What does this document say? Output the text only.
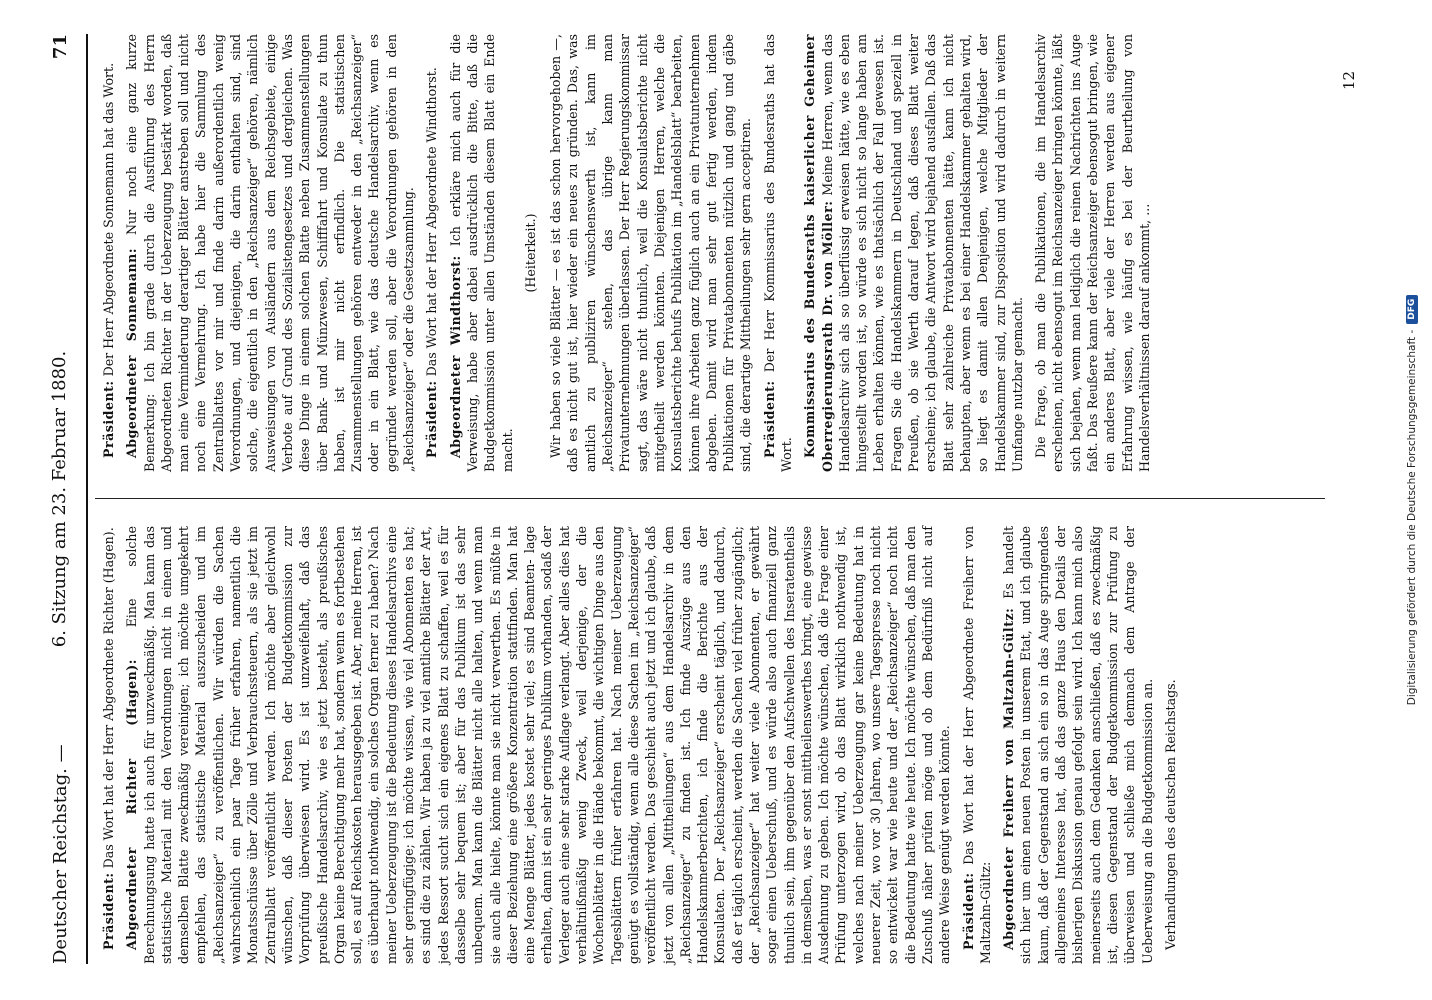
Deutscher Reichstag. —
6. Sitzung am 23. Februar 1880.
71

Präsident: Das Wort hat der Herr Abgeordnete Richter (Hagen). Abgeordneter Richter (Hagen): Eine solche Berechnungsung hatte ich auch für unzweckmäßig. Man kann das statistische Material mit den Verordnungen nicht in einem und demselben Blatte zweckmäßig vereinigen; ich möchte umgekehrt empfehlen, das statistische Material auszuscheiden und im „Reichsanzeiger“ zu veröffentlichen. Wir würden die Sachen wahrscheinlich ein paar Tage früher erfahren, namentlich die Monatsschüsse über Zölle und Verbrauchssteuern, als sie jetzt im Zentralblatt veröffentlicht werden. Ich möchte aber gleichwohl wünschen, daß dieser Posten der Budgetkommission zur Vorprüfung überwiesen wird. Es ist unzweifelhaft, daß das preußische Handelsarchiv, wie es jetzt besteht, als preußisches Organ keine Berechtigung mehr hat, sondern wenn es fortbestehen soll, es auf Reichskosten herausgegeben ist. Aber, meine Herren, ist es überhaupt nothwendig, ein solches Organ ferner zu haben? Nach meiner Ueberzeugung ist die Bedeutung dieses Handelsarchivs eine sehr geringfügige; ich möchte wissen, wie viel Abonnenten es hat; es sind die zu zählen. Wir haben ja zu viel amtliche Blätter der Art, jedes Ressort sucht sich ein eigenes Blatt zu schaffen, weil es für dasselbe sehr bequem ist; aber für das Publikum ist das sehr unbequem. Man kann die Blätter nicht alle halten, und wenn man sie auch alle hielte, könnte man sie nicht verwerthen. Es müßte in dieser Beziehung eine größere Konzentration stattfinden. Man hat eine Menge Blätter, jedes kostet sehr viel; es sind Beamten- lage erhalten, dann ist ein sehr geringes Publikum vorhanden, sodaß der Verleger auch eine sehr starke Auflage verlangt. Aber alles dies hat verhältnißmäßig wenig Zweck, weil derjenige, der die Wochenblätter in die Hände bekommt, die wichtigen Dinge aus den Tagesblättern früher erfahren hat. Nach meiner Ueberzeugung genügt es vollständig, wenn alle diese Sachen im „Reichsanzeiger“ veröffentlicht werden. Das geschieht auch jetzt und ich glaube, daß jetzt von allen „Mittheilungen“ aus dem Handelsarchiv in dem „Reichsanzeiger“ zu finden ist. Ich finde Auszüge aus den Handelskammerberichten, ich finde die Berichte aus der Konsulaten. Der „Reichsanzeiger“ erscheint täglich, und dadurch, daß er täglich erscheint, werden die Sachen viel früher zugänglich; der „Reichsanzeiger“ hat weiter viele Abonnenten, er gewährt sogar einen Ueberschuß, und es würde also auch finanziell ganz thunlich sein, ihm gegenüber den Aufschwellen des Inseratentheils in demselben, was er sonst mittheilenswerthes bringt, eine gewisse Ausdehnung zu geben. Ich möchte wünschen, daß die Frage einer Prüfung unterzogen wird, ob das Blatt wirklich nothwendig ist, welches nach meiner Ueberzeugung gar keine Bedeutung hat in neuerer Zeit, wo vor 30 Jahren, wo unsere Tagespresse noch nicht so entwickelt war wie heute und der „Reichsanzeiger“ noch nicht die Bedeutung hatte wie heute. Ich möchte wünschen, daß man den Zuschuß näher prüfen möge und ob dem Bedürfniß nicht auf andere Weise genügt werden könnte. Präsident: Das Wort hat der Herr Abgeordnete Freiherr von Maltzahn-Gültz: Abgeordneter Freiherr von Maltzahn-Gültz: Es handelt sich hier um einen neuen Posten in unserem Etat, und ich glaube kaum, daß der Gegenstand an sich ein so in das Auge springendes allgemeines Interesse hat, daß das ganze Haus den Details der bisherigen Diskussion genau gefolgt sein wird. Ich kann mich also meinerseits auch dem Gedanken anschließen, daß es zweckmäßig ist, diesen Gegenstand der Budgetkommission zur Prüfung zu überweisen und schließe mich demnach dem Antrage der Ueberweisung an die Budgetkommission an. Verhandlungen des deutschen Reichstags.

Präsident: Der Herr Abgeordnete Sonnemann hat das Wort. Abgeordneter Sonnemann: Nur noch eine ganz kurze Bemerkung: Ich bin grade durch die Ausführung des Herrn Abgeordneten Richter in der Ueberzeugung bestärkt worden, daß man eine Verminderung derartiger Blätter anstreben soll und nicht noch eine Vermehrung. Ich habe hier die Sammlung des Zentralblattes vor mir und finde darin außerordentlich wenig Verordnungen, und diejenigen, die darin enthalten sind, sind solche, die eigentlich in den „Reichsanzeiger“ gehören, nämlich Ausweisungen von Ausländern aus dem Reichsgebiete, einige Verbote auf Grund des Sozialistengesetzes und dergleichen. Was diese Dinge in einem solchen Blatte neben Zusammenstellungen über Bank- und Münzwesen, Schifffahrt und Konsulate zu thun haben, ist mir nicht erfindlich. Die statistischen Zusammenstellungen gehören entweder in den „Reichsanzeiger“ oder in ein Blatt, wie das deutsche Handelsarchiv, wenn es gegründet werden soll, aber die Verordnungen gehören in den „Reichsanzeiger“ oder die Gesetzsammlung. Präsident: Das Wort hat der Herr Abgeordnete Windthorst. Abgeordneter Windthorst: Ich erkläre mich auch für die Verweisung, habe aber dabei ausdrücklich die Bitte, daß die Budgetkommission unter allen Umständen diesem Blatt ein Ende macht.

(Heiterkeit.) Wir haben so viele Blätter — es ist das schon hervorgehoben —, daß es nicht gut ist, hier wieder ein neues zu gründen. Das, was amtlich zu publiziren wünschenswerth ist, kann im „Reichsanzeiger“ stehen, das übrige kann man Privatunternehmungen überlassen. Der Herr Regierungskommissar sagt, das wäre nicht thunlich, weil die Konsulatsberichte nicht mitgetheilt werden könnten. Diejenigen Herren, welche die Konsulatsberichte behufs Publikation im „Handelsblatt“ bearbeiten, können ihre Arbeiten ganz füglich auch an ein Privatunternehmen abgeben. Damit wird man sehr gut fertig werden, indem Publikationen für Privatabonnenten nützlich und gang und gäbe sind, die derartige Mittheilungen sehr gern acceptiren. Präsident: Der Herr Kommissarius des Bundesraths hat das Wort. Kommissarius des Bundesraths kaiserlicher Geheimer Oberregierungsrath Dr. von Möller: Meine Herren, wenn das Handelsarchiv sich als so überflüssig erweisen hätte, wie es eben hingestellt worden ist, so würde es sich nicht so lange haben am Leben erhalten können, wie es thatsächlich der Fall gewesen ist. Fragen Sie die Handelskammern in Deutschland und speziell in Preußen, ob sie Werth darauf legen, daß dieses Blatt weiter erscheine; ich glaube, die Antwort wird bejahend ausfallen. Daß das Blatt sehr zahlreiche Privatabonnenten hätte, kann ich nicht behaupten, aber wenn es bei einer Handelskammer gehalten wird, so liegt es damit allen Denjenigen, welche Mitglieder der Handelskammer sind, zur Disposition und wird dadurch in weitern Umfange nutzbar gemacht. Die Frage, ob man die Publikationen, die im Handelsarchiv erscheinen, nicht ebensogut im Reichsanzeiger bringen könnte, läßt sich bejahen, wenn man lediglich die reinen Nachrichten ins Auge faßt. Das Reußere kann der Reichsanzeiger ebensogut bringen, wie ein anderes Blatt, aber viele der Herren werden aus eigener Erfahrung wissen, wie häufig es bei der Beurtheilung von Handelsverhältnissen darauf ankommt, ...

12
Digitalisierung gefördert durch die Deutsche Forschungsgemeinschaft -
DFG
